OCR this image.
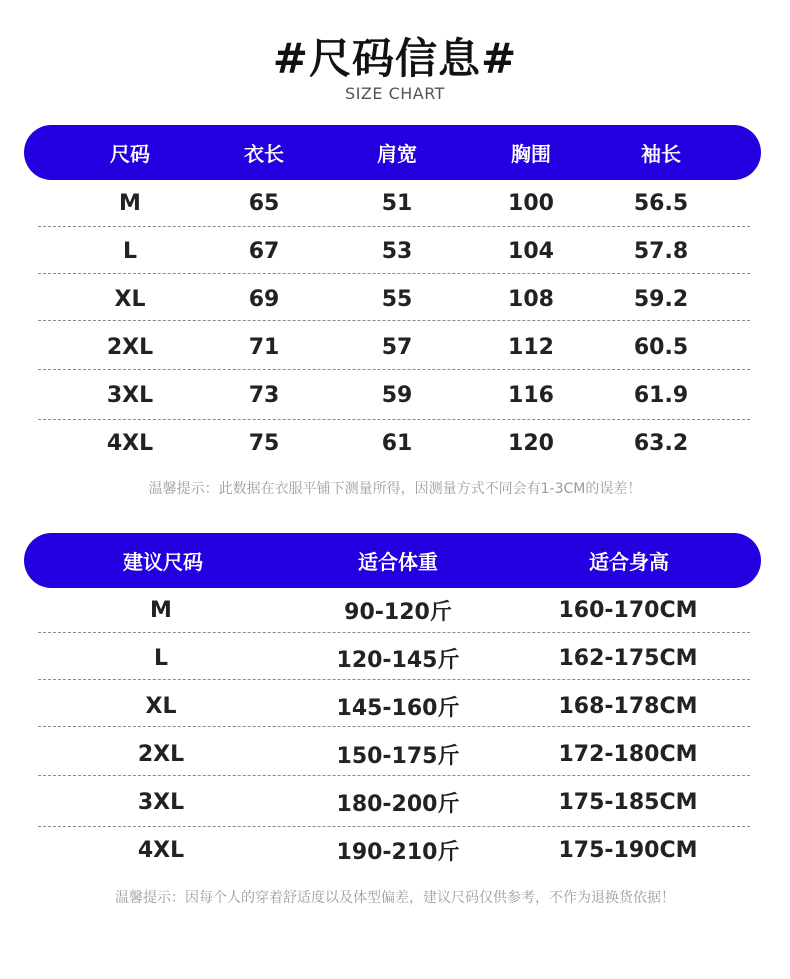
#尺码信息#
SIZE CHART
尺码	衣长	肩宽	胸围	袖长
M	65	51	100	56.5
L	67	53	104	57.8
XL	69	55	108	59.2
2XL	71	57	112	60.5
3XL	73	59	116	61.9
4XL	75	61	120	63.2
温馨提示：此数据在衣服平铺下测量所得，因测量方式不同会有1-3CM的误差！
建议尺码	适合体重	适合身高
M	90-120斤	160-170CM
L	120-145斤	162-175CM
XL	145-160斤	168-178CM
2XL	150-175斤	172-180CM
3XL	180-200斤	175-185CM
4XL	190-210斤	175-190CM
温馨提示：因每个人的穿着舒适度以及体型偏差，建议尺码仅供参考，不作为退换货依据！
